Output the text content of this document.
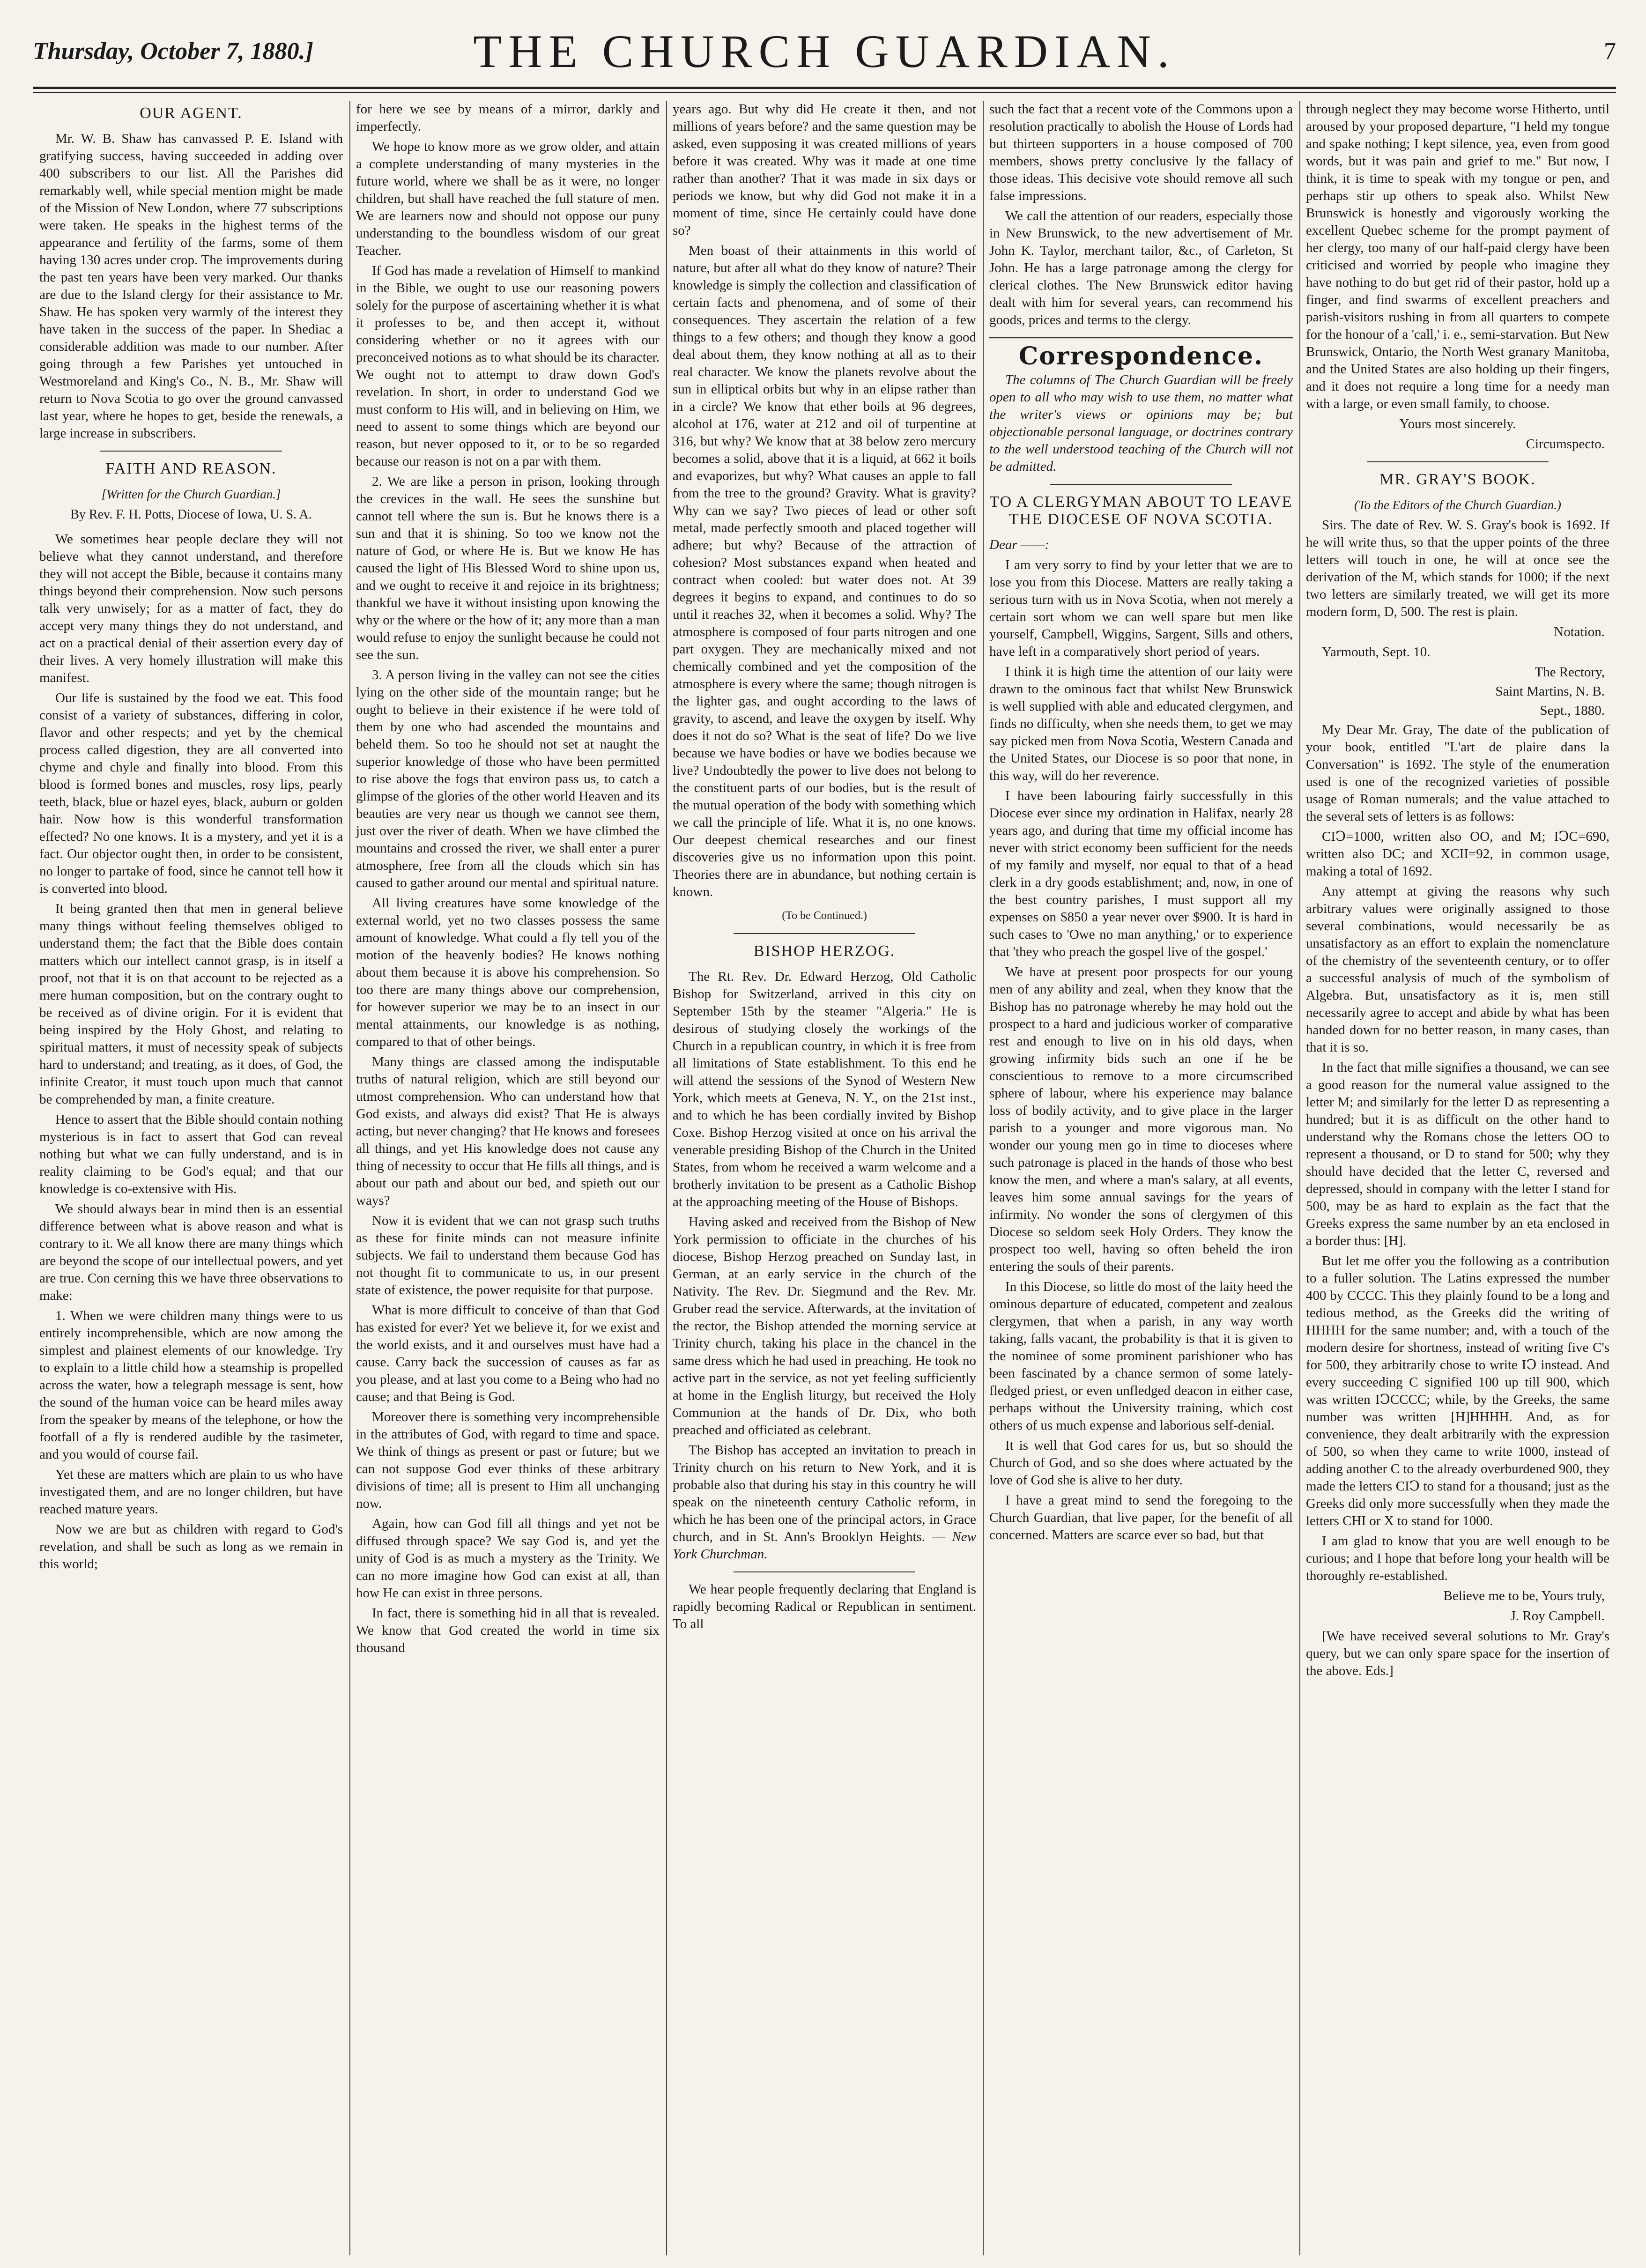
Thursday, October 7, 1880.]	THE CHURCH GUARDIAN.	7
OUR AGENT.

Mr. W. B. Shaw has canvassed P. E. Island with gratifying success, having succeeded in adding over 400 subscribers to our list. All the Parishes did remarkably well, while special mention might be made of the Mission of New London, where 77 subscriptions were taken. He speaks in the highest terms of the appearance and fertility of the farms, some of them having 130 acres under crop. The improvements during the past ten years have been very marked. Our thanks are due to the Island clergy for their assistance to Mr. Shaw. He has spoken very warmly of the interest they have taken in the success of the paper. In Shediac a considerable addition was made to our number. After going through a few Parishes yet untouched in Westmoreland and King's Co., N. B., Mr. Shaw will return to Nova Scotia to go over the ground canvassed last year, where he hopes to get, beside the renewals, a large increase in subscribers.

FAITH AND REASON.
[Written for the Church Guardian.]
By Rev. F. H. Potts, Diocese of Iowa, U. S. A.

We sometimes hear people declare they will not believe what they cannot understand, and therefore they will not accept the Bible, because it contains many things beyond their comprehension. Now such persons talk very unwisely; for as a matter of fact, they do accept very many things they do not understand, and act on a practical denial of their assertion every day of their lives. A very homely illustration will make this manifest.

Our life is sustained by the food we eat. This food consist of a variety of substances, differing in color, flavor and other respects; and yet by the chemical process called digestion, they are all converted into chyme and chyle and finally into blood. From this blood is formed bones and muscles, rosy lips, pearly teeth, black, blue or hazel eyes, black, auburn or golden hair. Now how is this wonderful transformation effected? No one knows. It is a mystery, and yet it is a fact. Our objector ought then, in order to be consistent, no longer to partake of food, since he cannot tell how it is converted into blood.

It being granted then that men in general believe many things without feeling themselves obliged to understand them; the fact that the Bible does contain matters which our intellect cannot grasp, is in itself a proof, not that it is on that account to be rejected as a mere human composition, but on the contrary ought to be received as of divine origin. For it is evident that being inspired by the Holy Ghost, and relating to spiritual matters, it must of necessity speak of subjects hard to understand; and treating, as it does, of God, the infinite Creator, it must touch upon much that cannot be comprehended by man, a finite creature.

Hence to assert that the Bible should contain nothing mysterious is in fact to assert that God can reveal nothing but what we can fully understand, and is in reality claiming to be God's equal; and that our knowledge is co-extensive with His.

We should always bear in mind then is an essential difference between what is above reason and what is contrary to it. We all know there are many things which are beyond the scope of our intellectual powers, and yet are true. Con cerning this we have three observations to make:

1. When we were children many things were to us entirely incomprehensible, which are now among the simplest and plainest elements of our knowledge. Try to explain to a little child how a steamship is propelled across the water, how a telegraph message is sent, how the sound of the human voice can be heard miles away from the speaker by means of the telephone, or how the footfall of a fly is rendered audible by the tasimeter, and you would of course fail.

Yet these are matters which are plain to us who have investigated them, and are no longer children, but have reached mature years.

Now we are but as children with regard to God's revelation, and shall be such as long as we remain in this world;

for here we see by means of a mirror, darkly and imperfectly.

We hope to know more as we grow older, and attain a complete understanding of many mysteries in the future world, where we shall be as it were, no longer children, but shall have reached the full stature of men. We are learners now and should not oppose our puny understanding to the boundless wisdom of our great Teacher.

If God has made a revelation of Himself to mankind in the Bible, we ought to use our reasoning powers solely for the purpose of ascertaining whether it is what it professes to be, and then accept it, without considering whether or no it agrees with our preconceived notions as to what should be its character. We ought not to attempt to draw down God's revelation. In short, in order to understand God we must conform to His will, and in believing on Him, we need to assent to some things which are beyond our reason, but never opposed to it, or to be so regarded because our reason is not on a par with them.

2. We are like a person in prison, looking through the crevices in the wall. He sees the sunshine but cannot tell where the sun is. But he knows there is a sun and that it is shining. So too we know not the nature of God, or where He is. But we know He has caused the light of His Blessed Word to shine upon us, and we ought to receive it and rejoice in its brightness; thankful we have it without insisting upon knowing the why or the where or the how of it; any more than a man would refuse to enjoy the sunlight because he could not see the sun.

3. A person living in the valley can not see the cities lying on the other side of the mountain range; but he ought to believe in their existence if he were told of them by one who had ascended the mountains and beheld them. So too he should not set at naught the superior knowledge of those who have been permitted to rise above the fogs that environ pass us, to catch a glimpse of the glories of the other world Heaven and its beauties are very near us though we cannot see them, just over the river of death. When we have climbed the mountains and crossed the river, we shall enter a purer atmosphere, free from all the clouds which sin has caused to gather around our mental and spiritual nature.

All living creatures have some knowledge of the external world, yet no two classes possess the same amount of knowledge. What could a fly tell you of the motion of the heavenly bodies? He knows nothing about them because it is above his comprehension. So too there are many things above our comprehension, for however superior we may be to an insect in our mental attainments, our knowledge is as nothing, compared to that of other beings.

Many things are classed among the indisputable truths of natural religion, which are still beyond our utmost comprehension. Who can understand how that God exists, and always did exist? That He is always acting, but never changing? that He knows and foresees all things, and yet His knowledge does not cause any thing of necessity to occur that He fills all things, and is about our path and about our bed, and spieth out our ways?

Now it is evident that we can not grasp such truths as these for finite minds can not measure infinite subjects. We fail to understand them because God has not thought fit to communicate to us, in our present state of existence, the power requisite for that purpose.

What is more difficult to conceive of than that God has existed for ever? Yet we believe it, for we exist and the world exists, and it and ourselves must have had a cause. Carry back the succession of causes as far as you please, and at last you come to a Being who had no cause; and that Being is God.

Moreover there is something very incomprehensible in the attributes of God, with regard to time and space. We think of things as present or past or future; but we can not suppose God ever thinks of these arbitrary divisions of time; all is present to Him all unchanging now.

Again, how can God fill all things and yet not be diffused through space? We say God is, and yet the unity of God is as much a mystery as the Trinity. We can no more imagine how God can exist at all, than how He can exist in three persons.

In fact, there is something hid in all that is revealed. We know that God created the world in time six thousand

years ago. But why did He create it then, and not millions of years before? and the same question may be asked, even supposing it was created millions of years before it was created. Why was it made at one time rather than another? That it was made in six days or periods we know, but why did God not make it in a moment of time, since He certainly could have done so?

Men boast of their attainments in this world of nature, but after all what do they know of nature? Their knowledge is simply the collection and classification of certain facts and phenomena, and of some of their consequences. They ascertain the relation of a few things to a few others; and though they know a good deal about them, they know nothing at all as to their real character. We know the planets revolve about the sun in elliptical orbits but why in an elipse rather than in a circle? We know that ether boils at 96 degrees, alcohol at 176, water at 212 and oil of turpentine at 316, but why? We know that at 38 below zero mercury becomes a solid, above that it is a liquid, at 662 it boils and evaporizes, but why? What causes an apple to fall from the tree to the ground? Gravity. What is gravity? Why can we say? Two pieces of lead or other soft metal, made perfectly smooth and placed together will adhere; but why? Because of the attraction of cohesion? Most substances expand when heated and contract when cooled: but water does not. At 39 degrees it begins to expand, and continues to do so until it reaches 32, when it becomes a solid. Why? The atmosphere is composed of four parts nitrogen and one part oxygen. They are mechanically mixed and not chemically combined and yet the composition of the atmosphere is every where the same; though nitrogen is the lighter gas, and ought according to the laws of gravity, to ascend, and leave the oxygen by itself. Why does it not do so? What is the seat of life? Do we live because we have bodies or have we bodies because we live? Undoubtedly the power to live does not belong to the constituent parts of our bodies, but is the result of the mutual operation of the body with something which we call the principle of life. What it is, no one knows. Our deepest chemical researches and our finest discoveries give us no information upon this point. Theories there are in abundance, but nothing certain is known.

(To be Continued.)
BISHOP HERZOG.

The Rt. Rev. Dr. Edward Herzog, Old Catholic Bishop for Switzerland, arrived in this city on September 15th by the steamer "Algeria." He is desirous of studying closely the workings of the Church in a republican country, in which it is free from all limitations of State establishment. To this end he will attend the sessions of the Synod of Western New York, which meets at Geneva, N. Y., on the 21st inst., and to which he has been cordially invited by Bishop Coxe. Bishop Herzog visited at once on his arrival the venerable presiding Bishop of the Church in the United States, from whom he received a warm welcome and a brotherly invitation to be present as a Catholic Bishop at the approaching meeting of the House of Bishops.

Having asked and received from the Bishop of New York permission to officiate in the churches of his diocese, Bishop Herzog preached on Sunday last, in German, at an early service in the church of the Nativity. The Rev. Dr. Siegmund and the Rev. Mr. Gruber read the service. Afterwards, at the invitation of the rector, the Bishop attended the morning service at Trinity church, taking his place in the chancel in the same dress which he had used in preaching. He took no active part in the service, as not yet feeling sufficiently at home in the English liturgy, but received the Holy Communion at the hands of Dr. Dix, who both preached and officiated as celebrant.

The Bishop has accepted an invitation to preach in Trinity church on his return to New York, and it is probable also that during his stay in this country he will speak on the nineteenth century Catholic reform, in which he has been one of the principal actors, in Grace church, and in St. Ann's Brooklyn Heights. — New York Churchman.

We hear people frequently declaring that England is rapidly becoming Radical or Republican in sentiment. To all

such the fact that a recent vote of the Commons upon a resolution practically to abolish the House of Lords had but thirteen supporters in a house composed of 700 members, shows pretty conclusive ly the fallacy of those ideas. This decisive vote should remove all such false impressions.

We call the attention of our readers, especially those in New Brunswick, to the new advertisement of Mr. John K. Taylor, merchant tailor, &c., of Carleton, St John. He has a large patronage among the clergy for clerical clothes. The New Brunswick editor having dealt with him for several years, can recommend his goods, prices and terms to the clergy.

Correspondence.

The columns of The Church Guardian will be freely open to all who may wish to use them, no matter what the writer's views or opinions may be; but objectionable personal language, or doctrines contrary to the well understood teaching of the Church will not be admitted.

TO A CLERGYMAN ABOUT TO LEAVE THE DIOCESE OF NOVA SCOTIA.

Dear ——:

I am very sorry to find by your letter that we are to lose you from this Diocese. Matters are really taking a serious turn with us in Nova Scotia, when not merely a certain sort whom we can well spare but men like yourself, Campbell, Wiggins, Sargent, Sills and others, have left in a comparatively short period of years.

I think it is high time the attention of our laity were drawn to the ominous fact that whilst New Brunswick is well supplied with able and educated clergymen, and finds no difficulty, when she needs them, to get we may say picked men from Nova Scotia, Western Canada and the United States, our Diocese is so poor that none, in this way, will do her reverence.

I have been labouring fairly successfully in this Diocese ever since my ordination in Halifax, nearly 28 years ago, and during that time my official income has never with strict economy been sufficient for the needs of my family and myself, nor equal to that of a head clerk in a dry goods establishment; and, now, in one of the best country parishes, I must support all my expenses on $850 a year never over $900. It is hard in such cases to 'Owe no man anything,' or to experience that 'they who preach the gospel live of the gospel.'

We have at present poor prospects for our young men of any ability and zeal, when they know that the Bishop has no patronage whereby he may hold out the prospect to a hard and judicious worker of comparative rest and enough to live on in his old days, when growing infirmity bids such an one if he be conscientious to remove to a more circumscribed sphere of labour, where his experience may balance loss of bodily activity, and to give place in the larger parish to a younger and more vigorous man. No wonder our young men go in time to dioceses where such patronage is placed in the hands of those who best know the men, and where a man's salary, at all events, leaves him some annual savings for the years of infirmity. No wonder the sons of clergymen of this Diocese so seldom seek Holy Orders. They know the prospect too well, having so often beheld the iron entering the souls of their parents.

In this Diocese, so little do most of the laity heed the ominous departure of educated, competent and zealous clergymen, that when a parish, in any way worth taking, falls vacant, the probability is that it is given to the nominee of some prominent parishioner who has been fascinated by a chance sermon of some lately-fledged priest, or even unfledged deacon in either case, perhaps without the University training, which cost others of us much expense and laborious self-denial.

It is well that God cares for us, but so should the Church of God, and so she does where actuated by the love of God she is alive to her duty.

I have a great mind to send the foregoing to the Church Guardian, that live paper, for the benefit of all concerned. Matters are scarce ever so bad, but that

through neglect they may become worse Hitherto, until aroused by your proposed departure, "I held my tongue and spake nothing; I kept silence, yea, even from good words, but it was pain and grief to me." But now, I think, it is time to speak with my tongue or pen, and perhaps stir up others to speak also. Whilst New Brunswick is honestly and vigorously working the excellent Quebec scheme for the prompt payment of her clergy, too many of our half-paid clergy have been criticised and worried by people who imagine they have nothing to do but get rid of their pastor, hold up a finger, and find swarms of excellent preachers and parish-visitors rushing in from all quarters to compete for the honour of a 'call,' i. e., semi-starvation. But New Brunswick, Ontario, the North West granary Manitoba, and the United States are also holding up their fingers, and it does not require a long time for a needy man with a large, or even small family, to choose.

Yours most sincerely.
Circumspecto.
MR. GRAY'S BOOK.
(To the Editors of the Church Guardian.)

Sirs. The date of Rev. W. S. Gray's book is 1692. If he will write thus, so that the upper points of the three letters will touch in one, he will at once see the derivation of the M, which stands for 1000; if the next two letters are similarly treated, we will get its more modern form, D, 500. The rest is plain.

Notation.
Yarmouth, Sept. 10.
The Rectory,
Saint Martins, N. B.
Sept., 1880.

My Dear Mr. Gray, The date of the publication of your book, entitled "L'art de plaire dans la Conversation" is 1692. The style of the enumeration used is one of the recognized varieties of possible usage of Roman numerals; and the value attached to the several sets of letters is as follows:

CIↃ=1000, written also OO, and M; IↃC=690, written also DC; and XCII=92, in common usage, making a total of 1692.

Any attempt at giving the reasons why such arbitrary values were originally assigned to those several combinations, would necessarily be as unsatisfactory as an effort to explain the nomenclature of the chemistry of the seventeenth century, or to offer a successful analysis of much of the symbolism of Algebra. But, unsatisfactory as it is, men still necessarily agree to accept and abide by what has been handed down for no better reason, in many cases, than that it is so.

In the fact that mille signifies a thousand, we can see a good reason for the numeral value assigned to the letter M; and similarly for the letter D as representing a hundred; but it is as difficult on the other hand to understand why the Romans chose the letters OO to represent a thousand, or D to stand for 500; why they should have decided that the letter C, reversed and depressed, should in company with the letter I stand for 500, may be as hard to explain as the fact that the Greeks express the same number by an eta enclosed in a border thus: [H].

But let me offer you the following as a contribution to a fuller solution. The Latins expressed the number 400 by CCCC. This they plainly found to be a long and tedious method, as the Greeks did the writing of HHHH for the same number; and, with a touch of the modern desire for shortness, instead of writing five C's for 500, they arbitrarily chose to write IↃ instead. And every succeeding C signified 100 up till 900, which was written IↃCCCC; while, by the Greeks, the same number was written [H]HHHH. And, as for convenience, they dealt arbitrarily with the expression of 500, so when they came to write 1000, instead of adding another C to the already overburdened 900, they made the letters CIↃ to stand for a thousand; just as the Greeks did only more successfully when they made the letters CHI or X to stand for 1000.

I am glad to know that you are well enough to be curious; and I hope that before long your health will be thoroughly re-established.

Believe me to be, Yours truly,
J. Roy Campbell.

[We have received several solutions to Mr. Gray's query, but we can only spare space for the insertion of the above. Eds.]
